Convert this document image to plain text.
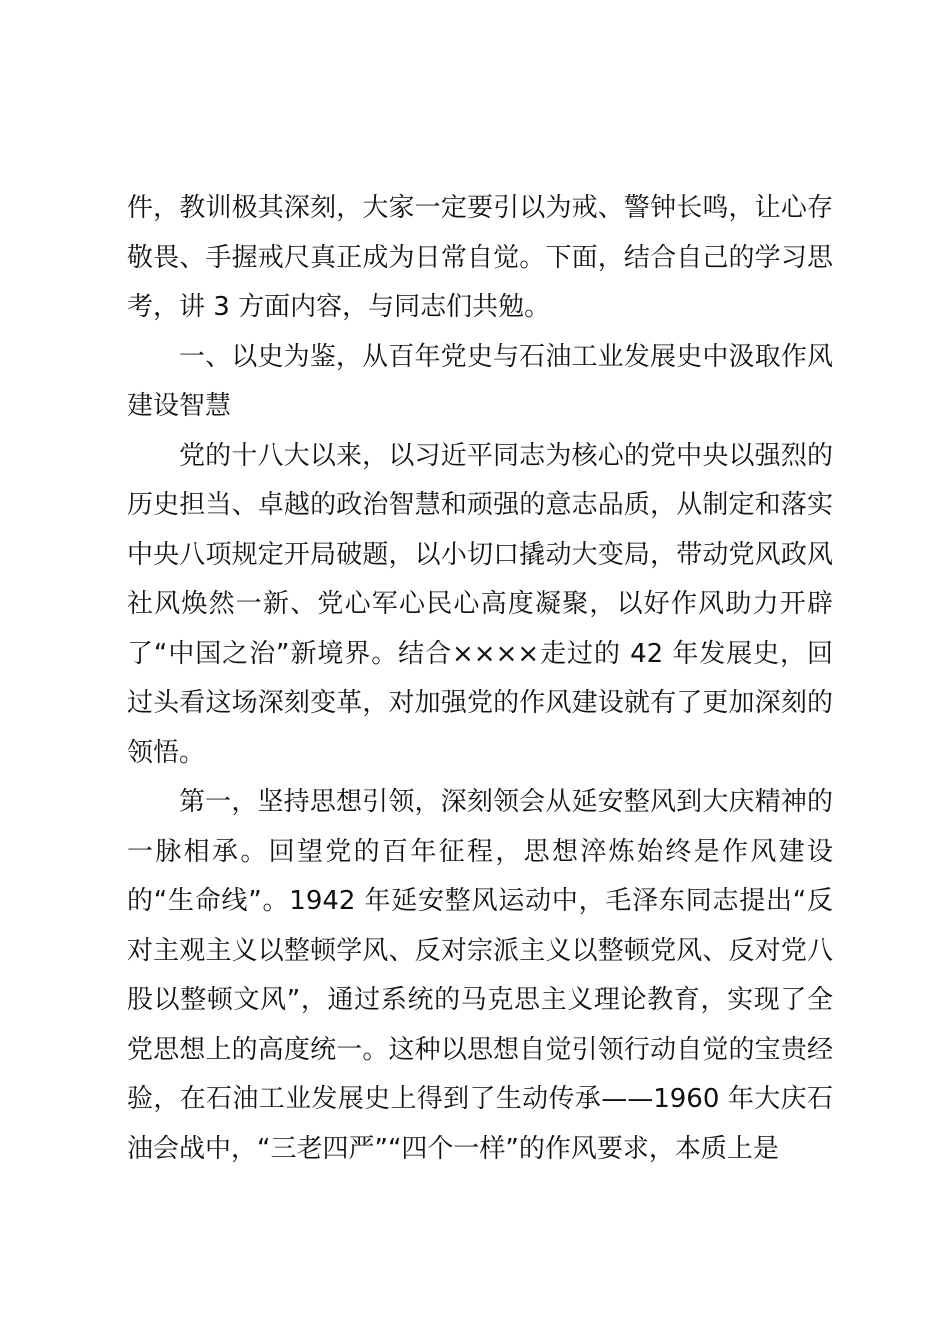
件，教训极其深刻，大家一定要引以为戒、警钟长鸣，让心存敬畏、手握戒尺真正成为日常自觉。下面，结合自己的学习思考，讲 3 方面内容，与同志们共勉。

一、以史为鉴，从百年党史与石油工业发展史中汲取作风建设智慧

党的十八大以来，以习近平同志为核心的党中央以强烈的历史担当、卓越的政治智慧和顽强的意志品质，从制定和落实中央八项规定开局破题，以小切口撬动大变局，带动党风政风社风焕然一新、党心军心民心高度凝聚，以好作风助力开辟了“中国之治”新境界。结合××××走过的 42 年发展史，回过头看这场深刻变革，对加强党的作风建设就有了更加深刻的领悟。

第一，坚持思想引领，深刻领会从延安整风到大庆精神的一脉相承。回望党的百年征程，思想淬炼始终是作风建设的“生命线”。1942 年延安整风运动中，毛泽东同志提出“反对主观主义以整顿学风、反对宗派主义以整顿党风、反对党八股以整顿文风”，通过系统的马克思主义理论教育，实现了全党思想上的高度统一。这种以思想自觉引领行动自觉的宝贵经验，在石油工业发展史上得到了生动传承——1960 年大庆石油会战中，“三老四严”“四个一样”的作风要求，本质上是
